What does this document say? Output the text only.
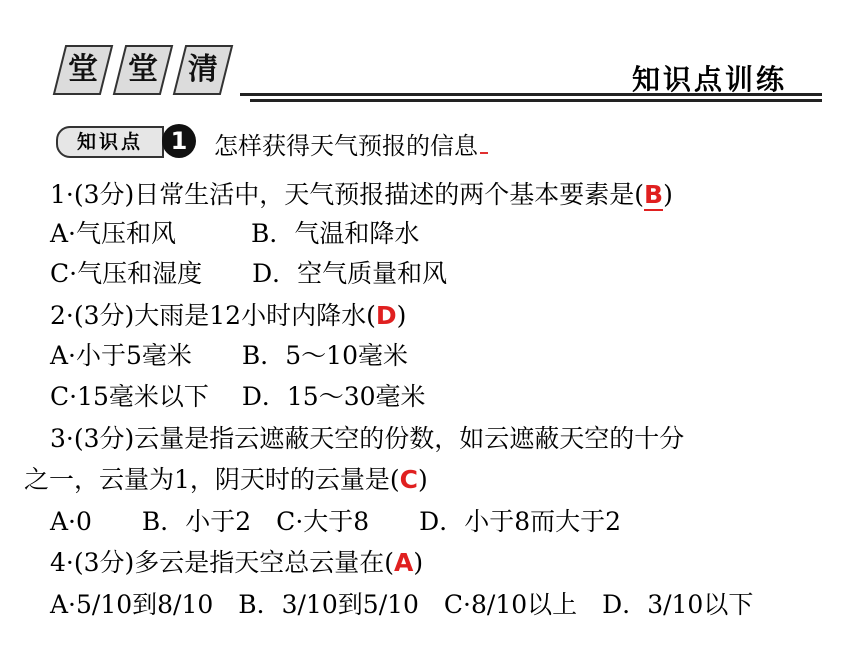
堂	堂	清	知识点训练
知识点	1	怎样获得天气预报的信息
1·(3分)日常生活中，天气预报描述的两个基本要素是(B)
A·气压和风　　　B．气温和降水
C·气压和湿度　　D．空气质量和风
2·(3分)大雨是12小时内降水(D)
A·小于5毫米　　B．5～10毫米
C·15毫米以下　 D．15～30毫米
3·(3分)云量是指云遮蔽天空的份数，如云遮蔽天空的十分
之一，云量为1，阴天时的云量是(C)
A·0　　B．小于2　C·大于8　　D．小于8而大于2
4·(3分)多云是指天空总云量在(A)
A·5/10到8/10　B．3/10到5/10　C·8/10以上　D．3/10以下
